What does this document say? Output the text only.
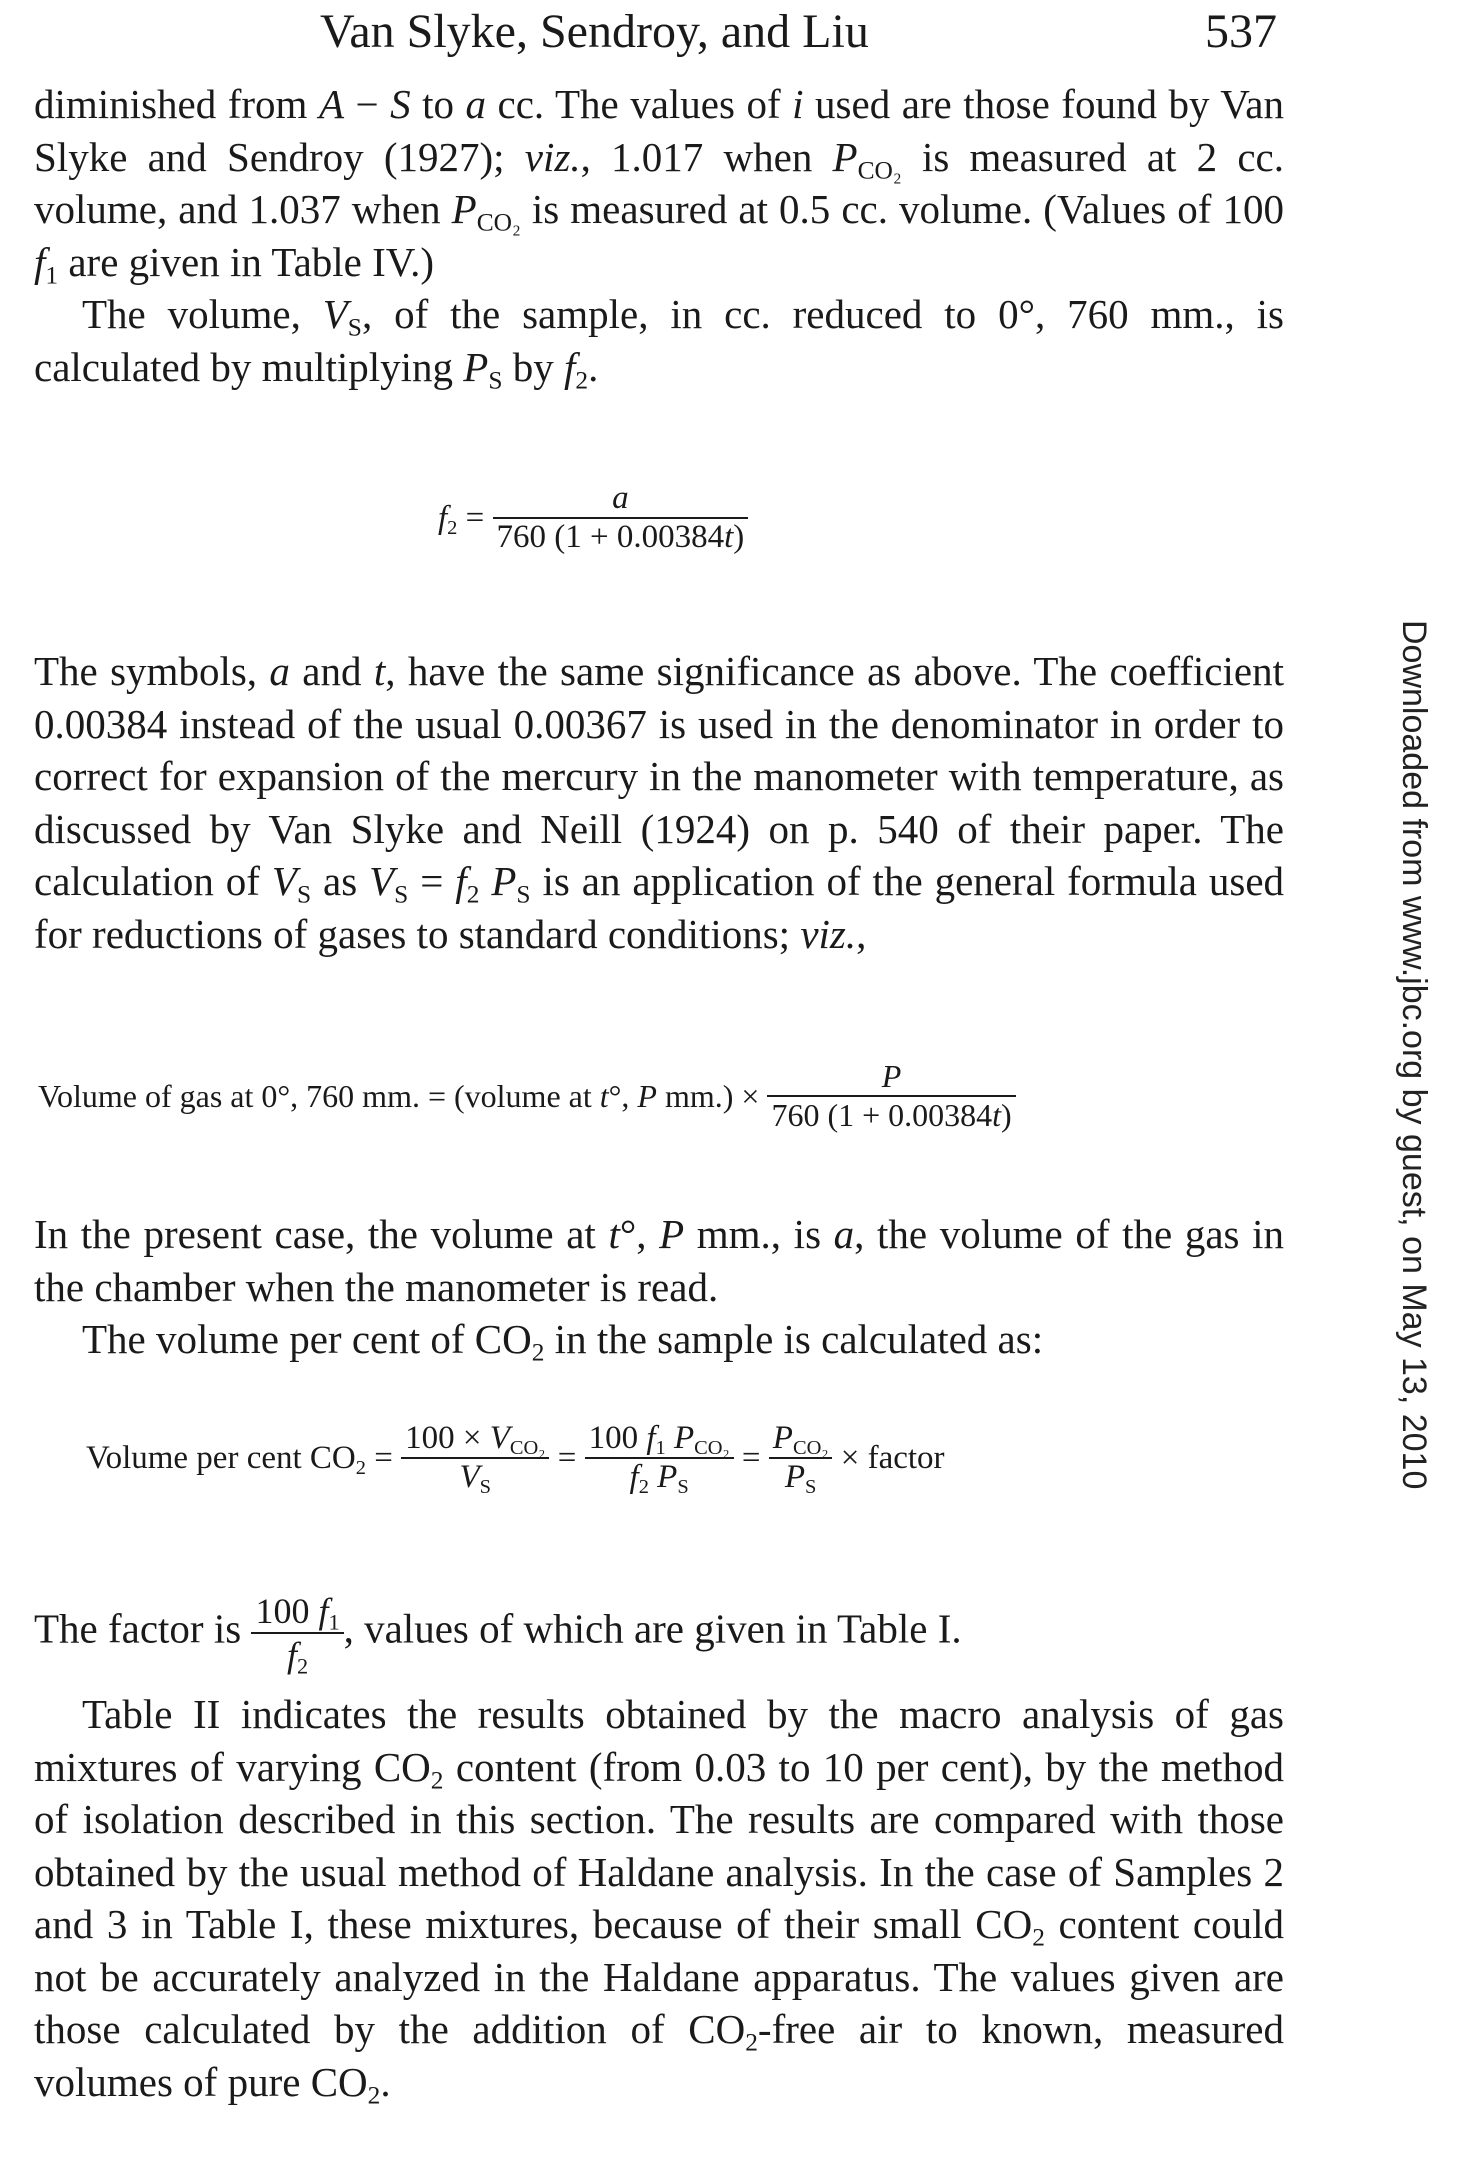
Van Slyke, Sendroy, and Liu	537
diminished from A − S to a cc. The values of i used are those found by Van Slyke and Sendroy (1927); viz., 1.017 when $P_{CO_2}$ is measured at 2 cc. volume, and 1.037 when $P_{CO_2}$ is measured at 0.5 cc. volume. (Values of 100 $f_1$ are given in Table IV.)
The volume, $V_S$, of the sample, in cc. reduced to 0°, 760 mm., is calculated by multiplying $P_S$ by $f_2$.
$f_2 = \frac{a}{760 (1 + 0.00384t)}$
The symbols, a and t, have the same significance as above. The coefficient 0.00384 instead of the usual 0.00367 is used in the denominator in order to correct for expansion of the mercury in the manometer with temperature, as discussed by Van Slyke and Neill (1924) on p. 540 of their paper. The calculation of $V_S$ as $V_S = f_2$ $P_S$ is an application of the general formula used for reductions of gases to standard conditions; viz.,
Volume of gas at 0°, 760 mm. = (volume at t°, P $mm.) \times \frac{P}{760 (1 + 0.00384t)}$
In the present case, the volume at t°, P mm., is a, the volume of the gas in the chamber when the manometer is read.
The volume per cent of $CO_2$ in the sample is calculated as:
Volume per cent $CO_2 = \frac{100 \times V_{CO_2}}{V_S} = \frac{100 f_1 P_{CO_2}}{f_2 P_S} = \frac{P_{CO_2}}{P_S}$ × factor
The factor is $\frac{100 f_1}{f_2}$ , values of which are given in Table I.
Table II indicates the results obtained by the macro analysis of gas mixtures of varying $CO_2$ content (from 0.03 to 10 per cent), by the method of isolation described in this section. The results are compared with those obtained by the usual method of Haldane analysis. In the case of Samples 2 and 3 in Table I, these mixtures, because of their small $CO_2$ content could not be accurately analyzed in the Haldane apparatus. The values given are those calculated by the addition of $CO_2$-free air to known, measured volumes of pure $CO_2$.
Downloaded from www.jbc.org by guest, on May 13, 2010
